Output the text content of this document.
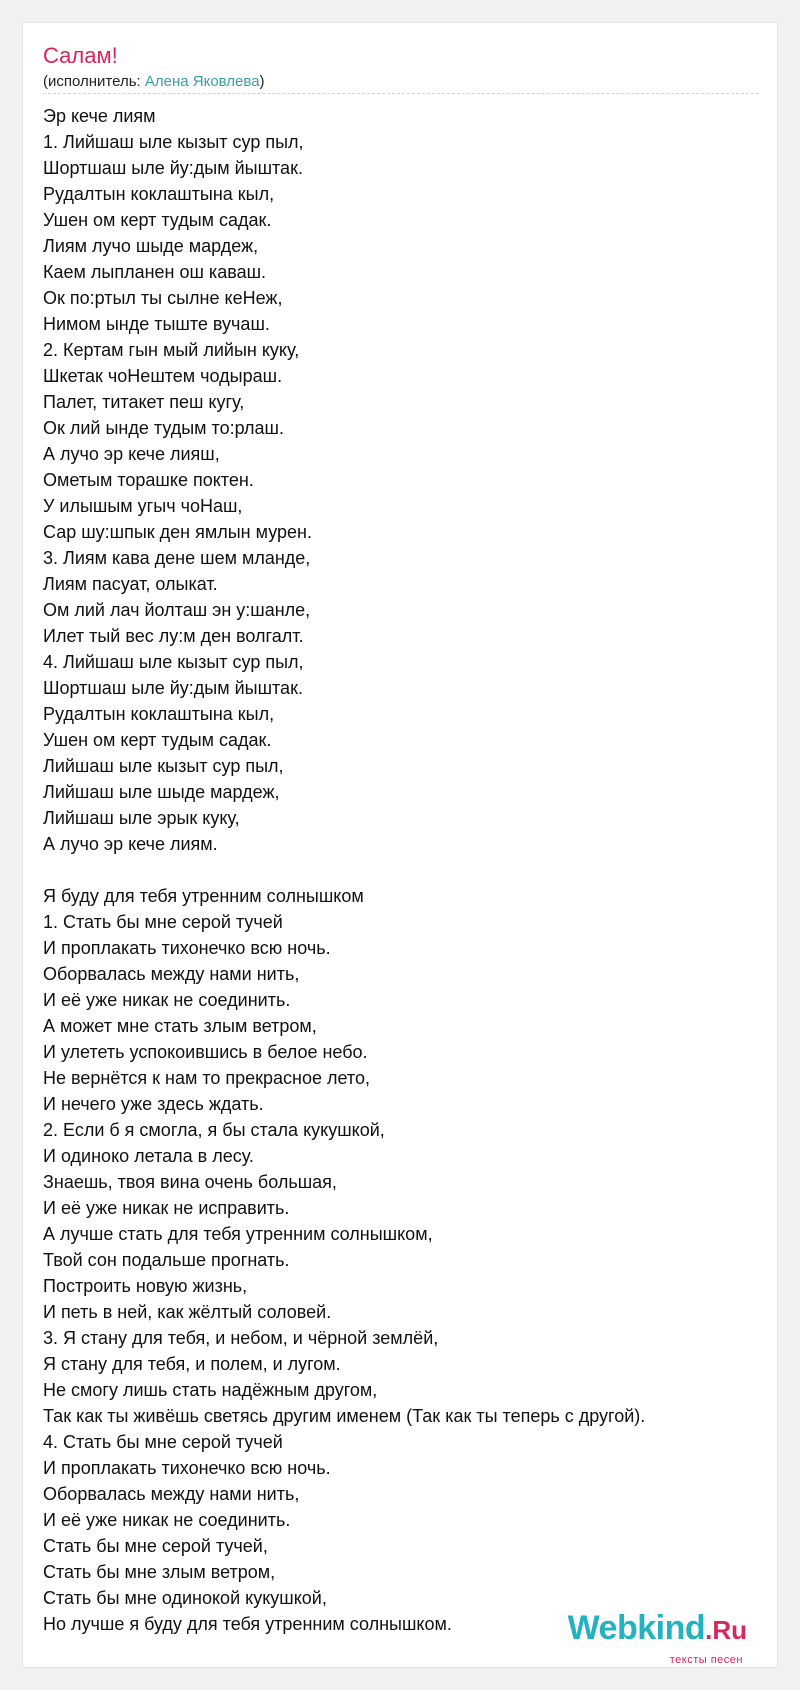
Салам!
(исполнитель: Алена Яковлева)
Эр кече лиям
1. Лийшаш ыле кызыт сур пыл,
Шортшаш ыле йу:дым йыштак.
Рудалтын коклаштына кыл,
Ушен ом керт тудым садак.
Лиям лучо шыде мардеж,
Каем лыпланен ош каваш.
Ок по:ртыл ты сылне кеНеж,
Нимом ынде тыште вучаш.
2. Кертам гын мый лийын куку,
Шкетак чоНештем чодыраш.
Палет, титакет пеш кугу,
Ок лий ынде тудым то:рлаш.
А лучо эр кече лияш,
Ометым торашке поктен.
У илышым угыч чоНаш,
Сар шу:шпык ден ямлын мурен.
3. Лиям кава дене шем мланде,
Лиям пасуат, олыкат.
Ом лий лач йолташ эн у:шанле,
Илет тый вес лу:м ден волгалт.
4. Лийшаш ыле кызыт сур пыл,
Шортшаш ыле йу:дым йыштак.
Рудалтын коклаштына кыл,
Ушен ом керт тудым садак.
Лийшаш ыле кызыт сур пыл,
Лийшаш ыле шыде мардеж,
Лийшаш ыле эрык куку,
А лучо эр кече лиям.
Я буду для тебя утренним солнышком
1. Стать бы мне серой тучей
И проплакать тихонечко всю ночь.
Оборвалась между нами нить,
И её уже никак не соединить.
А может мне стать злым ветром,
И улететь успокоившись в белое небо.
Не вернётся к нам то прекрасное лето,
И нечего уже здесь ждать.
2. Если б я смогла, я бы стала кукушкой,
И одиноко летала в лесу.
Знаешь, твоя вина очень большая,
И её уже никак не исправить.
А лучше стать для тебя утренним солнышком,
Твой сон подальше прогнать.
Построить новую жизнь,
И петь в ней, как жёлтый соловей.
3. Я стану для тебя, и небом, и чёрной землёй,
Я стану для тебя, и полем, и лугом.
Не смогу лишь стать надёжным другом,
Так как ты живёшь светясь другим именем (Так как ты теперь с другой).
4. Стать бы мне серой тучей
И проплакать тихонечко всю ночь.
Оборвалась между нами нить,
И её уже никак не соединить.
Стать бы мне серой тучей,
Стать бы мне злым ветром,
Стать бы мне одинокой кукушкой,
Но лучше я буду для тебя утренним солнышком.	Webkind.Ru
тексты песен
